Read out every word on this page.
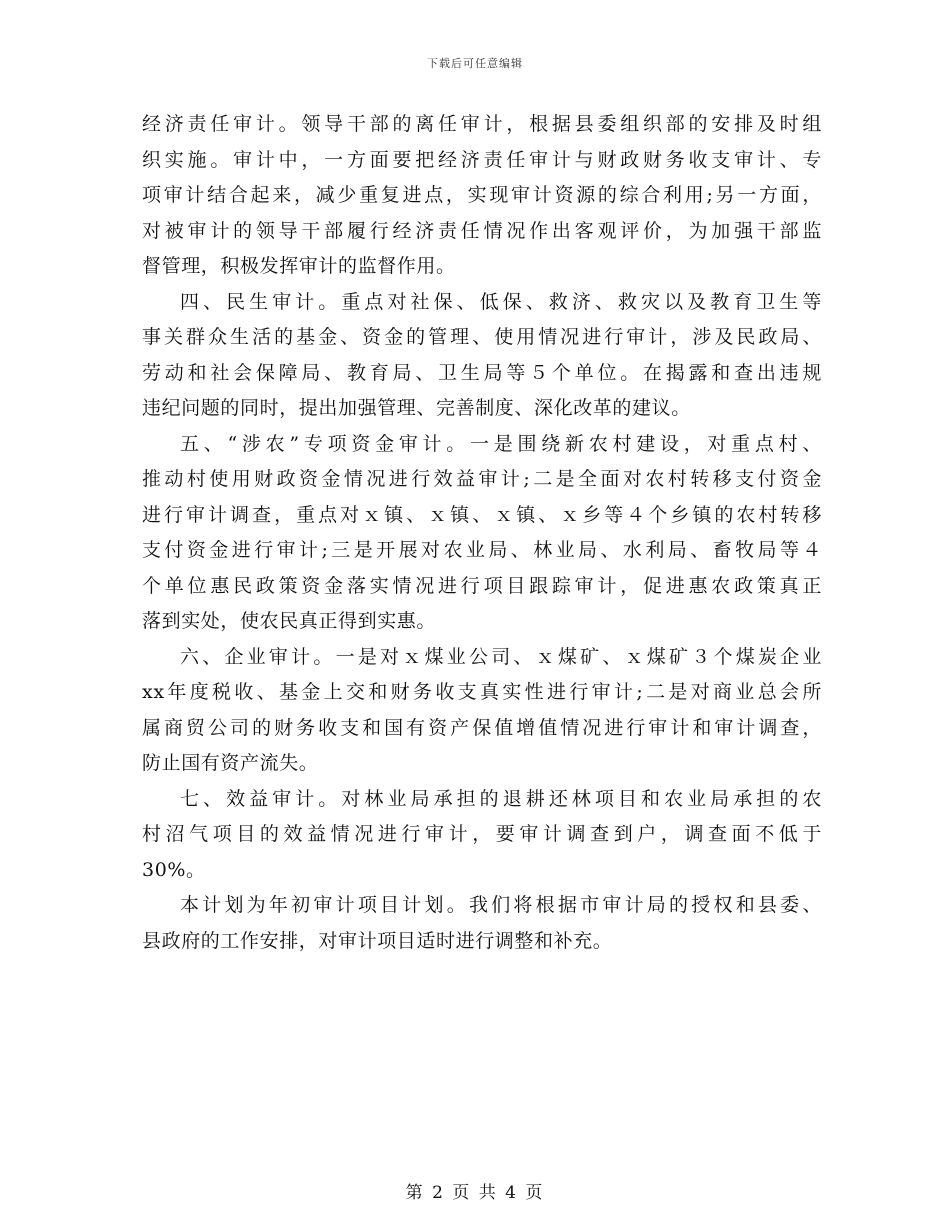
下载后可任意编辑
经济责任审计。领导干部的离任审计，根据县委组织部的安排及时组
织实施。审计中，一方面要把经济责任审计与财政财务收支审计、专
项审计结合起来，减少重复进点，实现审计资源的综合利用;另一方面，
对被审计的领导干部履行经济责任情况作出客观评价，为加强干部监
督管理，积极发挥审计的监督作用。
四、民生审计。重点对社保、低保、救济、救灾以及教育卫生等
事关群众生活的基金、资金的管理、使用情况进行审计，涉及民政局、
劳动和社会保障局、教育局、卫生局等５个单位。在揭露和查出违规
违纪问题的同时，提出加强管理、完善制度、深化改革的建议。
五、“涉农”专项资金审计。一是围绕新农村建设，对重点村、
推动村使用财政资金情况进行效益审计;二是全面对农村转移支付资金
进行审计调查，重点对ｘ镇、ｘ镇、ｘ镇、ｘ乡等４个乡镇的农村转移
支付资金进行审计;三是开展对农业局、林业局、水利局、畜牧局等４
个单位惠民政策资金落实情况进行项目跟踪审计，促进惠农政策真正
落到实处，使农民真正得到实惠。
六、企业审计。一是对ｘ煤业公司、ｘ煤矿、ｘ煤矿３个煤炭企业
xx年度税收、基金上交和财务收支真实性进行审计;二是对商业总会所
属商贸公司的财务收支和国有资产保值增值情况进行审计和审计调查，
防止国有资产流失。
七、效益审计。对林业局承担的退耕还林项目和农业局承担的农
村沼气项目的效益情况进行审计，要审计调查到户，调查面不低于
30%。
本计划为年初审计项目计划。我们将根据市审计局的授权和县委、
县政府的工作安排，对审计项目适时进行调整和补充。
第 2 页 共 4 页
